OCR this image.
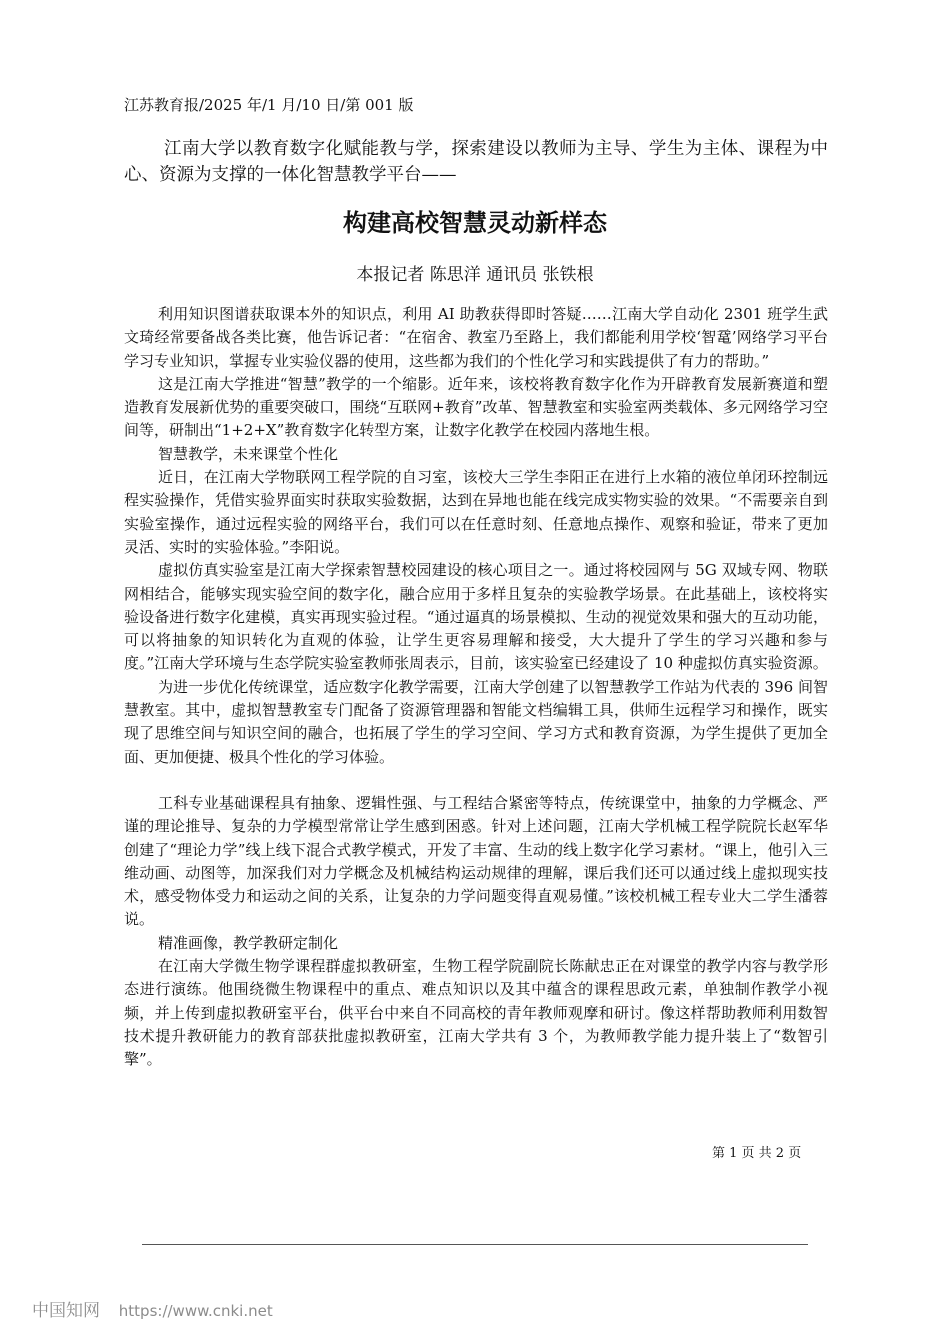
江苏教育报/2025 年/1 月/10 日/第 001 版
江南大学以教育数字化赋能教与学，探索建设以教师为主导、学生为主体、课程为中心、资源为支撑的一体化智慧教学平台——
构建高校智慧灵动新样态
本报记者 陈思洋 通讯员 张铁根

利用知识图谱获取课本外的知识点，利用 AI 助教获得即时答疑……江南大学自动化 2301 班学生武文琦经常要备战各类比赛，他告诉记者：“在宿舍、教室乃至路上，我们都能利用学校‘智鼋’网络学习平台学习专业知识，掌握专业实验仪器的使用，这些都为我们的个性化学习和实践提供了有力的帮助。”

这是江南大学推进“智慧”教学的一个缩影。近年来，该校将教育数字化作为开辟教育发展新赛道和塑造教育发展新优势的重要突破口，围绕“互联网+教育”改革、智慧教室和实验室两类载体、多元网络学习空间等，研制出“1+2+X”教育数字化转型方案，让数字化教学在校园内落地生根。

智慧教学，未来课堂个性化

近日，在江南大学物联网工程学院的自习室，该校大三学生李阳正在进行上水箱的液位单闭环控制远程实验操作，凭借实验界面实时获取实验数据，达到在异地也能在线完成实物实验的效果。“不需要亲自到实验室操作，通过远程实验的网络平台，我们可以在任意时刻、任意地点操作、观察和验证，带来了更加灵活、实时的实验体验。”李阳说。

虚拟仿真实验室是江南大学探索智慧校园建设的核心项目之一。通过将校园网与 5G 双域专网、物联网相结合，能够实现实验空间的数字化，融合应用于多样且复杂的实验教学场景。在此基础上，该校将实验设备进行数字化建模，真实再现实验过程。“通过逼真的场景模拟、生动的视觉效果和强大的互动功能，可以将抽象的知识转化为直观的体验，让学生更容易理解和接受，大大提升了学生的学习兴趣和参与度。”江南大学环境与生态学院实验室教师张周表示，目前，该实验室已经建设了 10 种虚拟仿真实验资源。

为进一步优化传统课堂，适应数字化教学需要，江南大学创建了以智慧教学工作站为代表的 396 间智慧教室。其中，虚拟智慧教室专门配备了资源管理器和智能文档编辑工具，供师生远程学习和操作，既实现了思维空间与知识空间的融合，也拓展了学生的学习空间、学习方式和教育资源，为学生提供了更加全面、更加便捷、极具个性化的学习体验。

工科专业基础课程具有抽象、逻辑性强、与工程结合紧密等特点，传统课堂中，抽象的力学概念、严谨的理论推导、复杂的力学模型常常让学生感到困惑。针对上述问题，江南大学机械工程学院院长赵军华创建了“理论力学”线上线下混合式教学模式，开发了丰富、生动的线上数字化学习素材。“课上，他引入三维动画、动图等，加深我们对力学概念及机械结构运动规律的理解，课后我们还可以通过线上虚拟现实技术，感受物体受力和运动之间的关系，让复杂的力学问题变得直观易懂。”该校机械工程专业大二学生潘蓉说。

精准画像，教学教研定制化

在江南大学微生物学课程群虚拟教研室，生物工程学院副院长陈献忠正在对课堂的教学内容与教学形态进行演练。他围绕微生物课程中的重点、难点知识以及其中蕴含的课程思政元素，单独制作教学小视频，并上传到虚拟教研室平台，供平台中来自不同高校的青年教师观摩和研讨。像这样帮助教师利用数智技术提升教研能力的教育部获批虚拟教研室，江南大学共有 3 个，为教师教学能力提升装上了“数智引擎”。

第 1 页 共 2 页
中国知网 https://www.cnki.net
